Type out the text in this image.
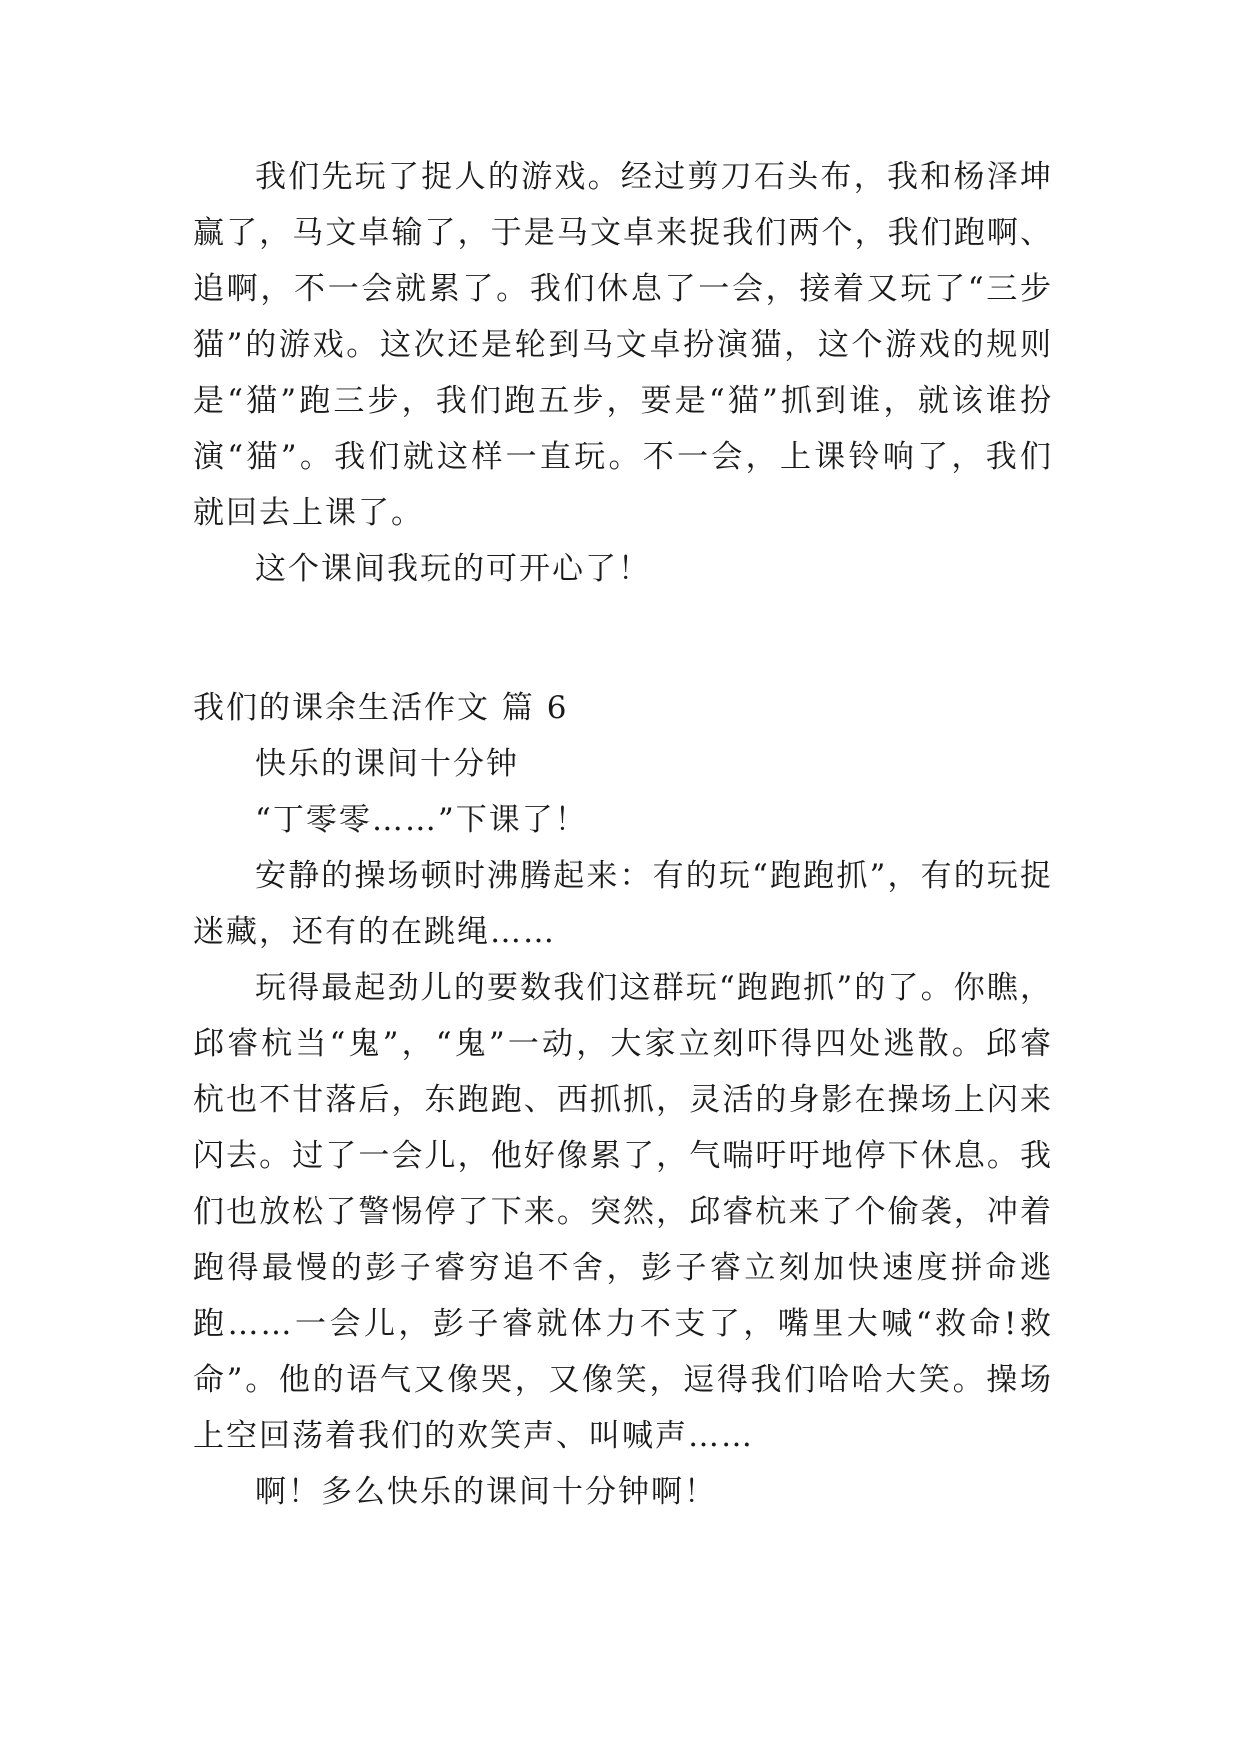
我们先玩了捉人的游戏。经过剪刀石头布，我和杨泽坤赢了，马文卓输了，于是马文卓来捉我们两个，我们跑啊、追啊，不一会就累了。我们休息了一会，接着又玩了“三步猫”的游戏。这次还是轮到马文卓扮演猫，这个游戏的规则是“猫”跑三步，我们跑五步，要是“猫”抓到谁，就该谁扮演“猫”。我们就这样一直玩。不一会，上课铃响了，我们就回去上课了。

这个课间我玩的可开心了！

我们的课余生活作文 篇 6

快乐的课间十分钟

“丁零零……”下课了！

安静的操场顿时沸腾起来：有的玩“跑跑抓”，有的玩捉迷藏，还有的在跳绳……

玩得最起劲儿的要数我们这群玩“跑跑抓”的了。你瞧，邱睿杭当“鬼”，“鬼”一动，大家立刻吓得四处逃散。邱睿杭也不甘落后，东跑跑、西抓抓，灵活的身影在操场上闪来闪去。过了一会儿，他好像累了，气喘吁吁地停下休息。我们也放松了警惕停了下来。突然，邱睿杭来了个偷袭，冲着跑得最慢的彭子睿穷追不舍，彭子睿立刻加快速度拼命逃跑……一会儿，彭子睿就体力不支了，嘴里大喊“救命!救命”。他的语气又像哭，又像笑，逗得我们哈哈大笑。操场上空回荡着我们的欢笑声、叫喊声……

啊！多么快乐的课间十分钟啊！
